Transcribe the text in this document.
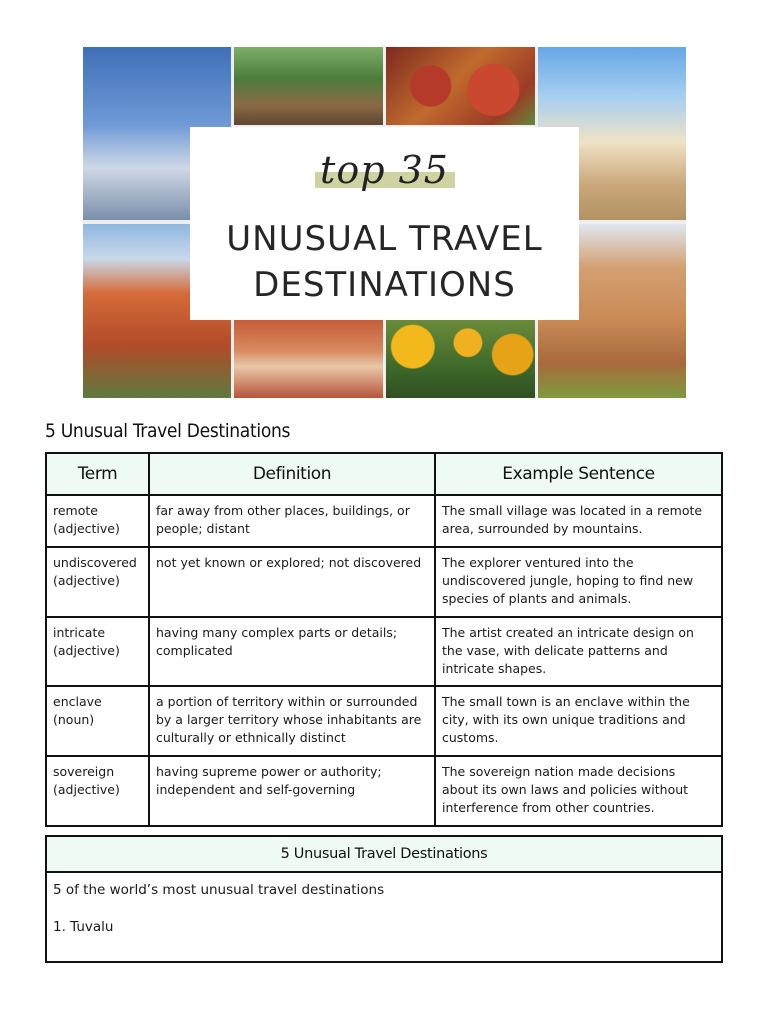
top 35
UNUSUAL TRAVEL
DESTINATIONS
5 Unusual Travel Destinations
Term	Definition	Example Sentence
remote (adjective)	far away from other places, buildings, or people; distant	The small village was located in a remote area, surrounded by mountains.
undiscovered (adjective)	not yet known or explored; not discovered	The explorer ventured into the undiscovered jungle, hoping to find new species of plants and animals.
intricate (adjective)	having many complex parts or details; complicated	The artist created an intricate design on the vase, with delicate patterns and intricate shapes.
enclave (noun)	a portion of territory within or surrounded by a larger territory whose inhabitants are culturally or ethnically distinct	The small town is an enclave within the city, with its own unique traditions and customs.
sovereign (adjective)	having supreme power or authority; independent and self-governing	The sovereign nation made decisions about its own laws and policies without interference from other countries.
5 Unusual Travel Destinations
5 of the world’s most unusual travel destinations
1. Tuvalu
